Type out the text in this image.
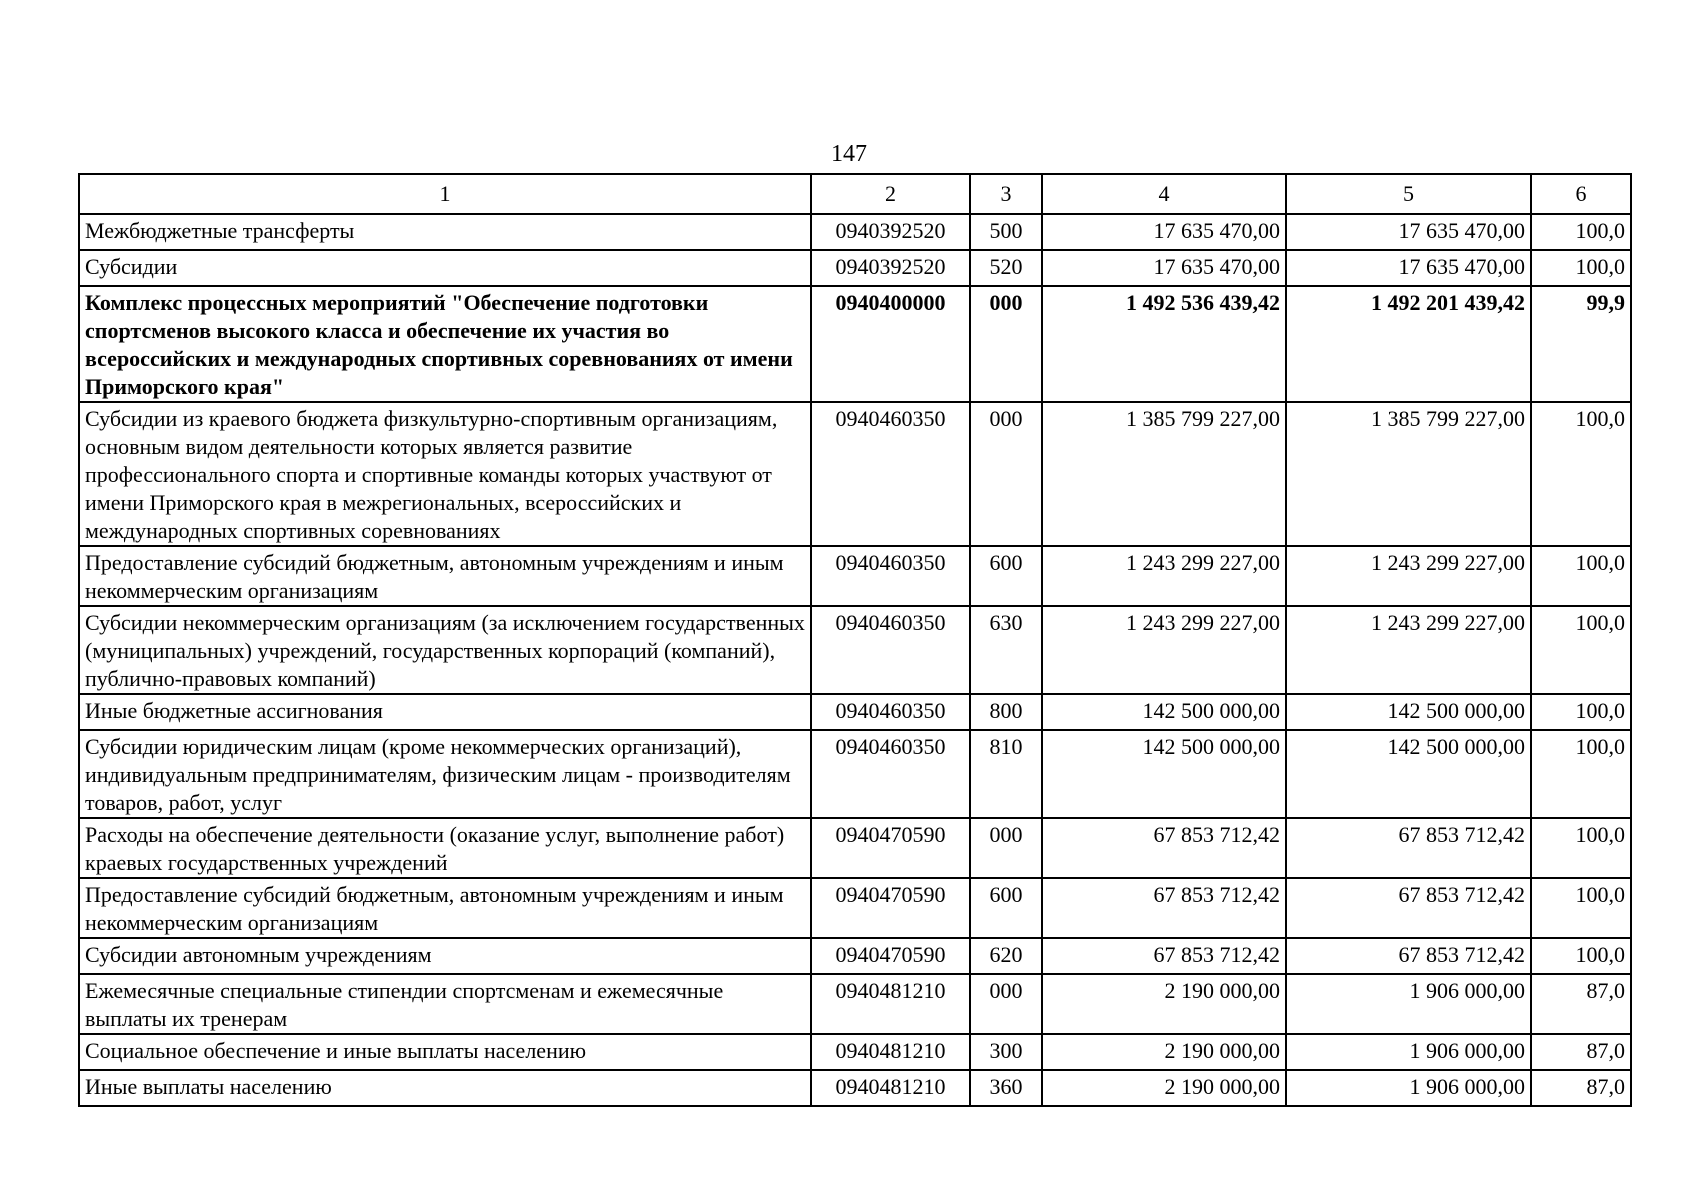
147
1	2	3	4	5	6
Межбюджетные трансферты	0940392520	500	17 635 470,00	17 635 470,00	100,0
Субсидии	0940392520	520	17 635 470,00	17 635 470,00	100,0
Комплекс процессных мероприятий "Обеспечение подготовки спортсменов высокого класса и обеспечение их участия во всероссийских и международных спортивных соревнованиях от имени Приморского края"	0940400000	000	1 492 536 439,42	1 492 201 439,42	99,9
Субсидии из краевого бюджета физкультурно-спортивным организациям, основным видом деятельности которых является развитие профессионального спорта и спортивные команды которых участвуют от имени Приморского края в межрегиональных, всероссийских и международных спортивных соревнованиях	0940460350	000	1 385 799 227,00	1 385 799 227,00	100,0
Предоставление субсидий бюджетным, автономным учреждениям и иным некоммерческим организациям	0940460350	600	1 243 299 227,00	1 243 299 227,00	100,0
Субсидии некоммерческим организациям (за исключением государственных (муниципальных) учреждений, государственных корпораций (компаний), публично-правовых компаний)	0940460350	630	1 243 299 227,00	1 243 299 227,00	100,0
Иные бюджетные ассигнования	0940460350	800	142 500 000,00	142 500 000,00	100,0
Субсидии юридическим лицам (кроме некоммерческих организаций), индивидуальным предпринимателям, физическим лицам - производителям товаров, работ, услуг	0940460350	810	142 500 000,00	142 500 000,00	100,0
Расходы на обеспечение деятельности (оказание услуг, выполнение работ) краевых государственных учреждений	0940470590	000	67 853 712,42	67 853 712,42	100,0
Предоставление субсидий бюджетным, автономным учреждениям и иным некоммерческим организациям	0940470590	600	67 853 712,42	67 853 712,42	100,0
Субсидии автономным учреждениям	0940470590	620	67 853 712,42	67 853 712,42	100,0
Ежемесячные специальные стипендии спортсменам и ежемесячные выплаты их тренерам	0940481210	000	2 190 000,00	1 906 000,00	87,0
Социальное обеспечение и иные выплаты населению	0940481210	300	2 190 000,00	1 906 000,00	87,0
Иные выплаты населению	0940481210	360	2 190 000,00	1 906 000,00	87,0
